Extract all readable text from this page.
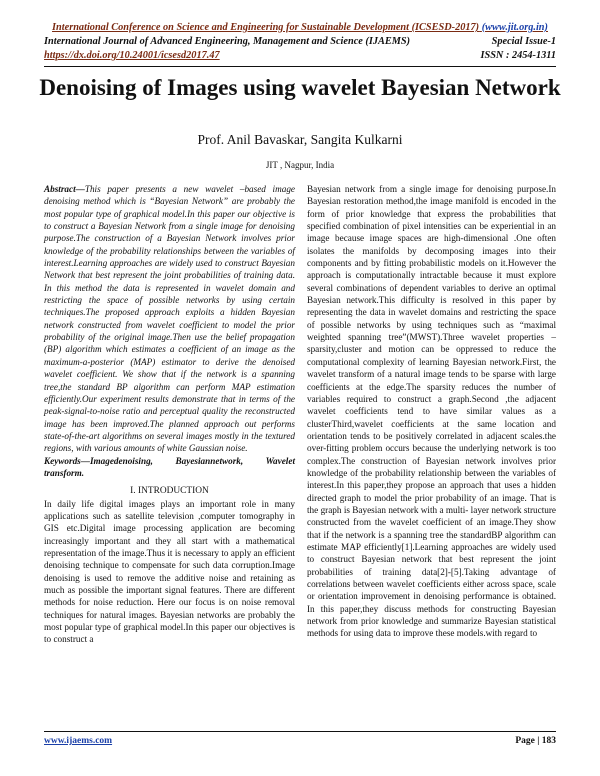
International Conference on Science and Engineering for Sustainable Development (ICSESD-2017) (www.jit.org.in)
International Journal of Advanced Engineering, Management and Science (IJAEMS)	Special Issue-1
https://dx.doi.org/10.24001/icsesd2017.47	ISSN : 2454-1311
Denoising of Images using wavelet Bayesian Network
Prof. Anil Bavaskar, Sangita Kulkarni
JIT , Nagpur, India

Abstract—This paper presents a new wavelet –based image denoising method which is “Bayesian Network” are probably the most popular type of graphical model.In this paper our objective is to construct a Bayesian Network from a single image for denoising purpose.The construction of a Bayesian Network involves prior knowledge of the probability relationships between the variables of interest.Learning approaches are widely used to construct Bayesian Network that best represent the joint probabilities of training data. In this method the data is represented in wavelet domain and restricting the space of possible networks by using certain techniques.The proposed approach exploits a hidden Bayesian network constructed from wavelet coefficient to model the prior probability of the original image.Then use the belief propagation (BP) algorithm which estimates a coefficient of an image as the maximum-a-posterior (MAP) estimator to derive the denoised wavelet coefficient. We show that if the network is a spanning tree,the standard BP algorithm can perform MAP estimation efficiently.Our experiment results demonstrate that in terms of the peak-signal-to-noise ratio and perceptual quality the reconstructed image has been improved.The planned approach out performs state-of-the-art algorithms on several images mostly in the textured regions, with various amounts of white Gaussian noise.

Keywords—Imagedenoising, Bayesiannetwork, Wavelet transform.

I. INTRODUCTION

In daily life digital images plays an important role in many applications such as satellite television ,computer tomography in GIS etc.Digital image processing application are becoming increasingly important and they all start with a mathematical representation of the image.Thus it is necessary to apply an efficient denoising technique to compensate for such data corruption.Image denoising is used to remove the additive noise and retaining as much as possible the important signal features. There are different methods for noise reduction. Here our focus is on noise removal techniques for natural images. Bayesian networks are probably the most popular type of graphical model.In this paper our objectives is to construct a

Bayesian network from a single image for denoising purpose.In Bayesian restoration method,the image manifold is encoded in the form of prior knowledge that express the probabilities that specified combination of pixel intensities can be experiential in an image because image spaces are high-dimensional .One often isolates the manifolds by decomposing images into their components and by fitting probabilistic models on it.However the approach is computationally intractable because it must explore several combinations of dependent variables to derive an optimal Bayesian network.This difficulty is resolved in this paper by representing the data in wavelet domains and restricting the space of possible networks by using techniques such as “maximal weighted spanning tree”(MWST).Three wavelet properties –sparsity,cluster and motion can be oppressed to reduce the computational complexity of learning Bayesian network.First, the wavelet transform of a natural image tends to be sparse with large coefficients at the edge.The sparsity reduces the number of variables required to construct a graph.Second ,the adjacent wavelet coefficients tend to have similar values as a clusterThird,wavelet coefficients at the same location and orientation tends to be positively correlated in adjacent scales.the over-fitting problem occurs because the underlying network is too complex.The construction of Bayesian network involves prior knowledge of the probability relationship between the variables of interest.In this paper,they propose an approach that uses a hidden directed graph to model the prior probability of an image. That is the graph is Bayesian network with a multi- layer network structure constructed from the wavelet coefficient of an image.They show that if the network is a spanning tree the standardBP algorithm can estimate MAP efficiently[1].Learning approaches are widely used to construct Bayesian network that best represent the joint probabilities of training data[2]-[5].Taking advantage of correlations between wavelet coefficients either across space, scale or orientation improvement in denoising performance is obtained. In this paper,they discuss methods for constructing Bayesian network from prior knowledge and summarize Bayesian statistical methods for using data to improve these models.with regard to

www.ijaems.com	Page | 183
